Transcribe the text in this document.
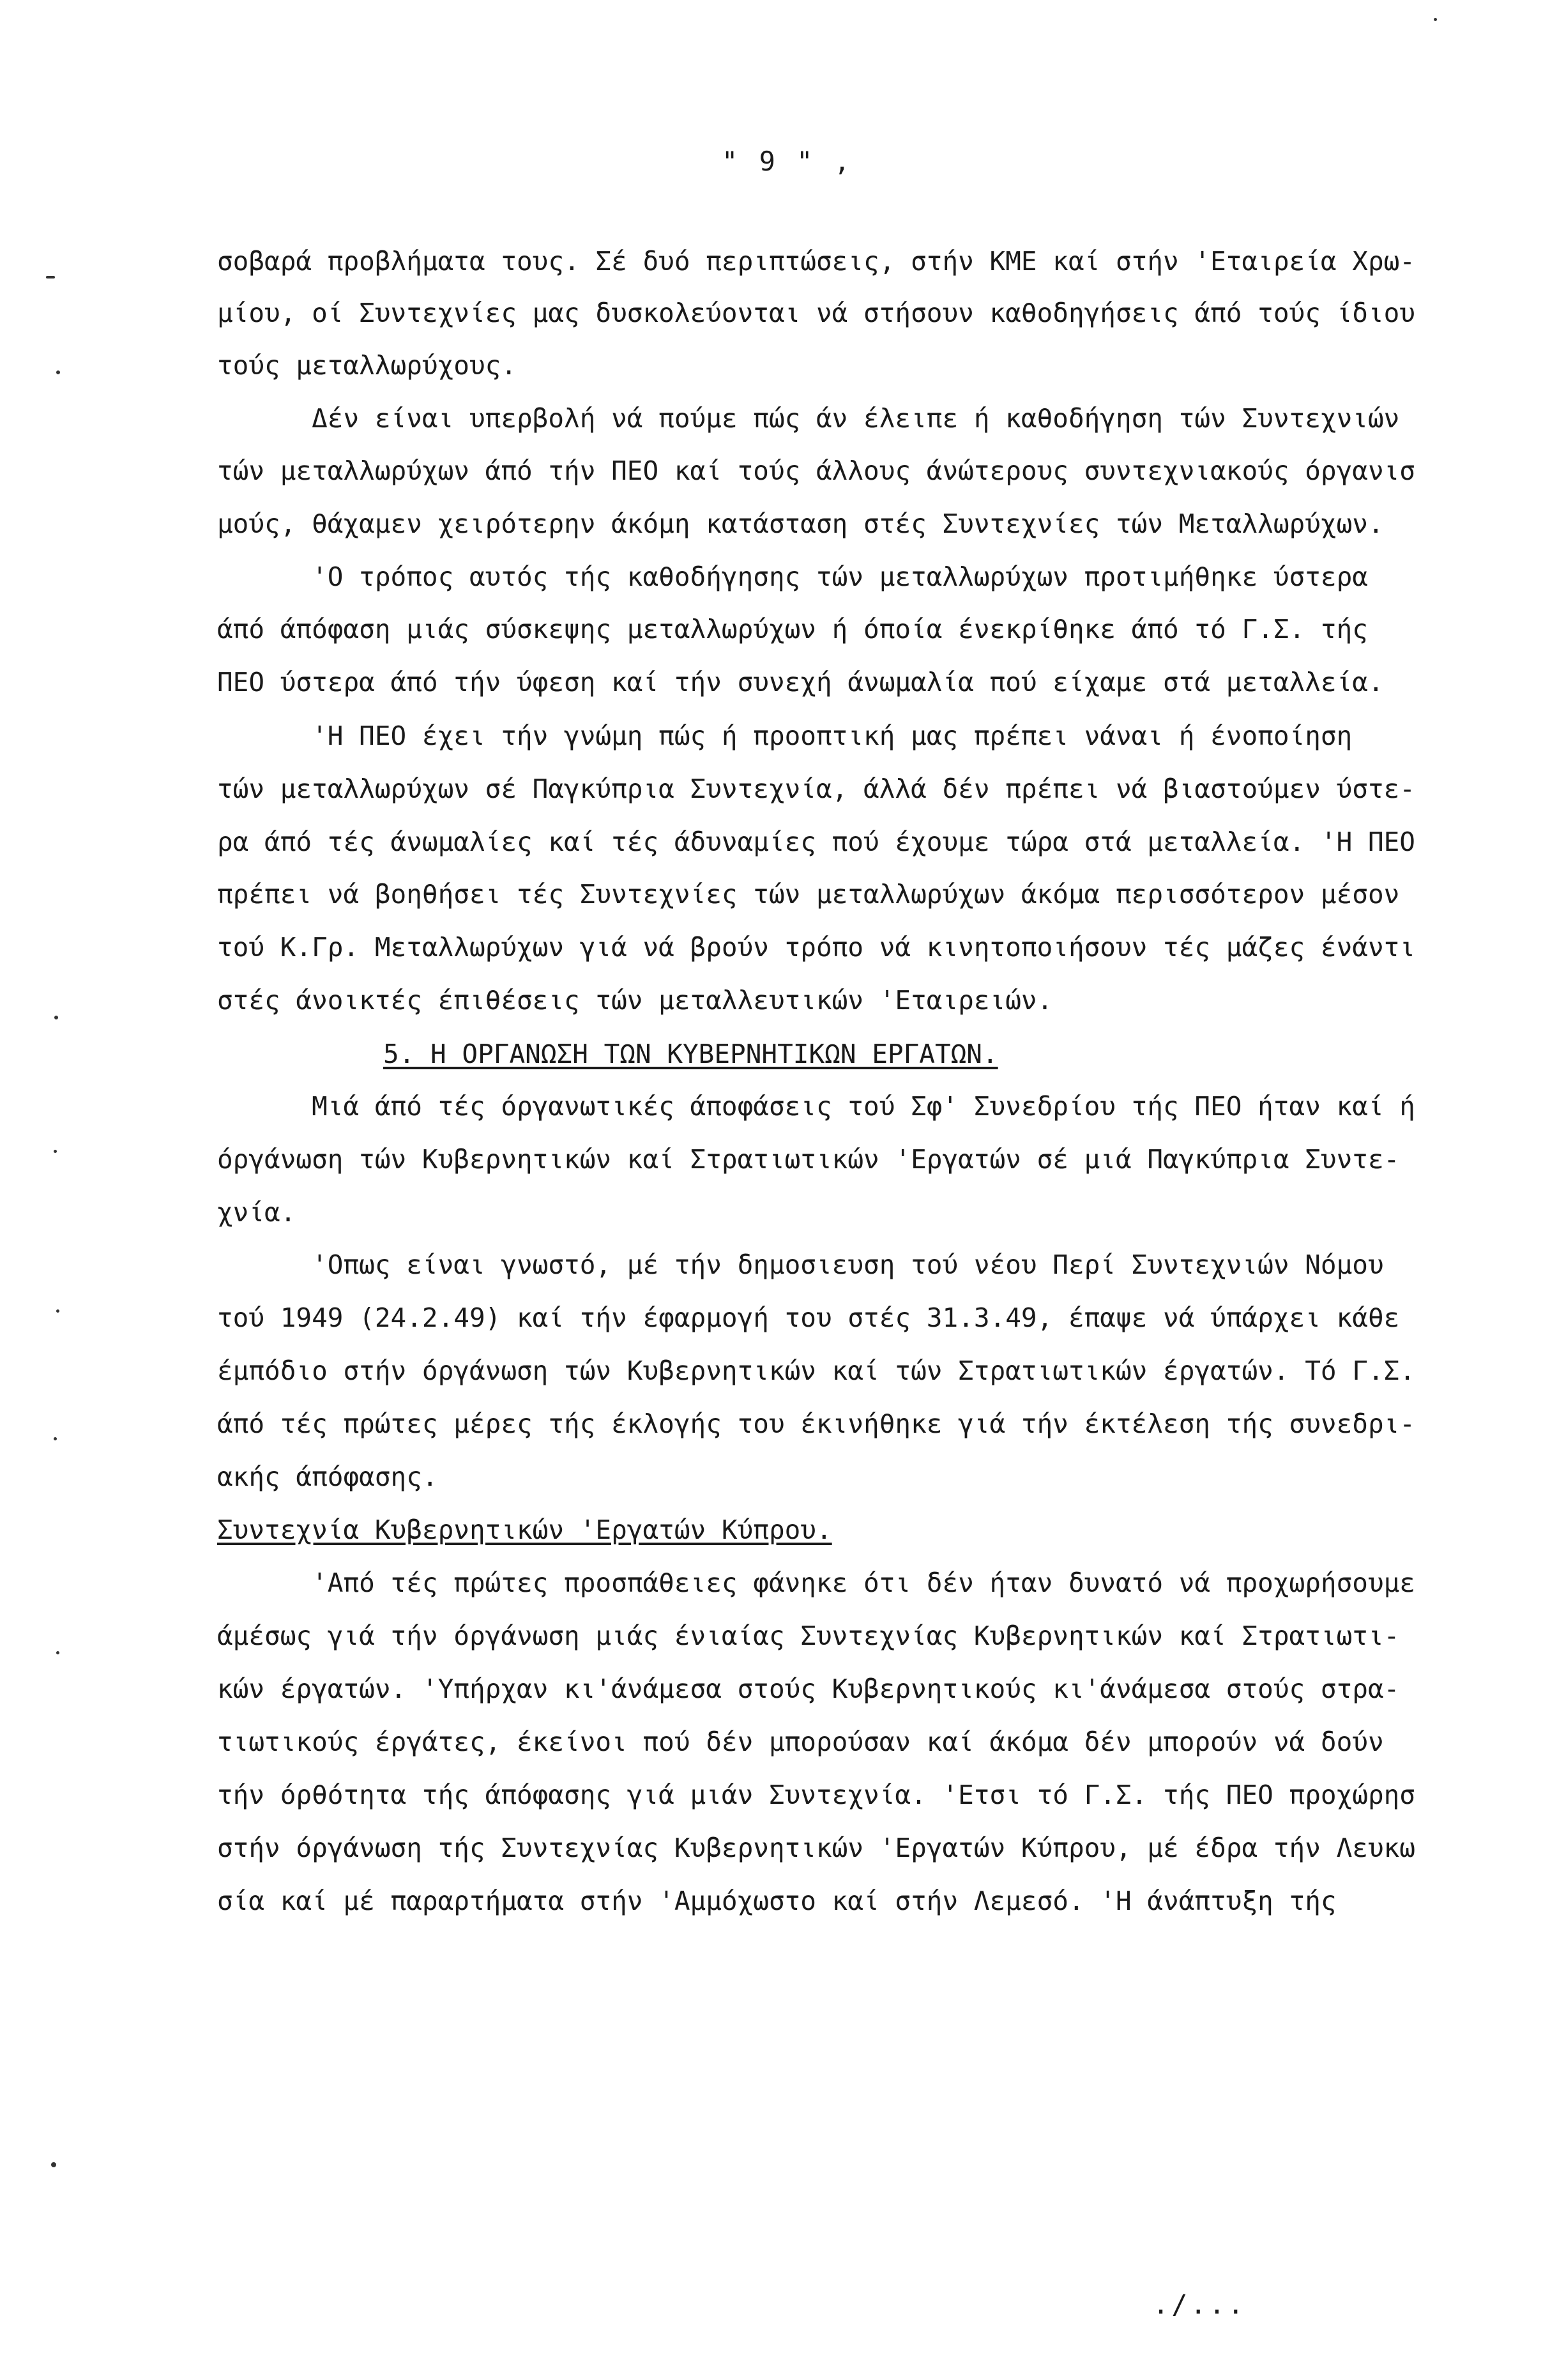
" 9 " ,
σοβαρά προβλήματα τους. Σέ δυό περιπτώσεις, στήν ΚΜΕ καί στήν 'Εταιρεία Χρω-
μίου, οί Συντεχνίες μας δυσκολεύονται νά στήσουν καθοδηγήσεις άπό τούς ίδιου
τούς μεταλλωρύχους.
Δέν είναι υπερβολή νά πούμε πώς άν έλειπε ή καθοδήγηση τών Συντεχνιών
τών μεταλλωρύχων άπό τήν ΠΕΟ καί τούς άλλους άνώτερους συντεχνιακούς όργανισ
μούς, θάχαμεν χειρότερην άκόμη κατάσταση στές Συντεχνίες τών Μεταλλωρύχων.
'Ο τρόπος αυτός τής καθοδήγησης τών μεταλλωρύχων προτιμήθηκε ύστερα
άπό άπόφαση μιάς σύσκεψης μεταλλωρύχων ή όποία ένεκρίθηκε άπό τό Γ.Σ. τής
ΠΕΟ ύστερα άπό τήν ύφεση καί τήν συνεχή άνωμαλία πού είχαμε στά μεταλλεία.
'Η ΠΕΟ έχει τήν γνώμη πώς ή προοπτική μας πρέπει νάναι ή ένοποίηση
τών μεταλλωρύχων σέ Παγκύπρια Συντεχνία, άλλά δέν πρέπει νά βιαστούμεν ύστε-
ρα άπό τές άνωμαλίες καί τές άδυναμίες πού έχουμε τώρα στά μεταλλεία. 'Η ΠΕΟ
πρέπει νά βοηθήσει τές Συντεχνίες τών μεταλλωρύχων άκόμα περισσότερον μέσον
τού Κ.Γρ. Μεταλλωρύχων γιά νά βρούν τρόπο νά κινητοποιήσουν τές μάζες ένάντι
στές άνοικτές έπιθέσεις τών μεταλλευτικών 'Εταιρειών.
5. Η ΟΡΓΑΝΩΣΗ ΤΩΝ ΚΥΒΕΡΝΗΤΙΚΩΝ ΕΡΓΑΤΩΝ.
Μιά άπό τές όργανωτικές άποφάσεις τού Σφ' Συνεδρίου τής ΠΕΟ ήταν καί ή
όργάνωση τών Κυβερνητικών καί Στρατιωτικών 'Εργατών σέ μιά Παγκύπρια Συντε-
χνία.
'Οπως είναι γνωστό, μέ τήν δημοσιευση τού νέου Περί Συντεχνιών Νόμου
τού 1949 (24.2.49) καί τήν έφαρμογή του στές 31.3.49, έπαψε νά ύπάρχει κάθε
έμπόδιο στήν όργάνωση τών Κυβερνητικών καί τών Στρατιωτικών έργατών. Τό Γ.Σ.
άπό τές πρώτες μέρες τής έκλογής του έκινήθηκε γιά τήν έκτέλεση τής συνεδρι-
ακής άπόφασης.
Συντεχνία Κυβερνητικών 'Εργατών Κύπρου.
'Από τές πρώτες προσπάθειες φάνηκε ότι δέν ήταν δυνατό νά προχωρήσουμε
άμέσως γιά τήν όργάνωση μιάς ένιαίας Συντεχνίας Κυβερνητικών καί Στρατιωτι-
κών έργατών. 'Υπήρχαν κι'άνάμεσα στούς Κυβερνητικούς κι'άνάμεσα στούς στρα-
τιωτικούς έργάτες, έκείνοι πού δέν μπορούσαν καί άκόμα δέν μπορούν νά δούν
τήν όρθότητα τής άπόφασης γιά μιάν Συντεχνία. 'Ετσι τό Γ.Σ. τής ΠΕΟ προχώρησ
στήν όργάνωση τής Συντεχνίας Κυβερνητικών 'Εργατών Κύπρου, μέ έδρα τήν Λευκω
σία καί μέ παραρτήματα στήν 'Αμμόχωστο καί στήν Λεμεσό. 'Η άνάπτυξη τής
./...
